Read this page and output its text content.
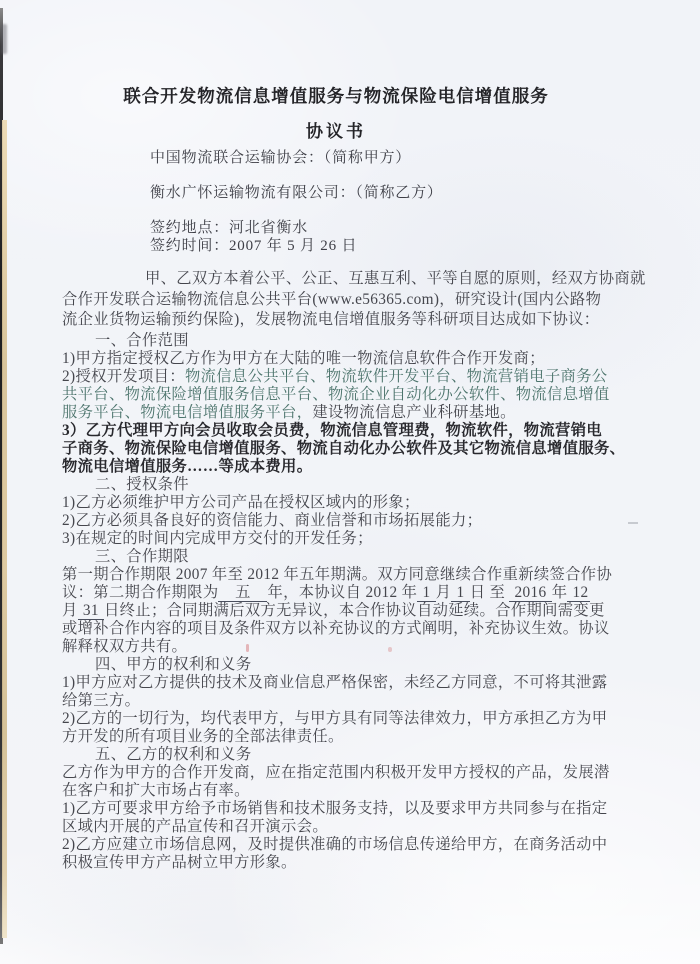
联合开发物流信息增值服务与物流保险电信增值服务
协议书

中国物流联合运输协会：（简称甲方）

衡水广怀运输物流有限公司：（简称乙方）

签约地点：河北省衡水

签约时间：2007 年 5 月 26 日

甲、乙双方本着公平、公正、互惠互利、平等自愿的原则，经双方协商就
合作开发联合运输物流信息公共平台(www.e56365.com)，研究设计(国内公路物
流企业货物运输预约保险)，发展物流电信增值服务等科研项目达成如下协议：
一、合作范围
1)甲方指定授权乙方作为甲方在大陆的唯一物流信息软件合作开发商；
2)授权开发项目：物流信息公共平台、物流软件开发平台、物流营销电子商务公
共平台、物流保险增值服务信息平台、物流企业自动化办公软件、物流信息增值
服务平台、物流电信增值服务平台，建设物流信息产业科研基地。
3）乙方代理甲方向会员收取会员费，物流信息管理费，物流软件，物流营销电
子商务、物流保险电信增值服务、物流自动化办公软件及其它物流信息增值服务、
物流电信增值服务……等成本费用。
二、授权条件
1)乙方必须维护甲方公司产品在授权区域内的形象；
2)乙方必须具备良好的资信能力、商业信誉和市场拓展能力；
3)在规定的时间内完成甲方交付的开发任务；
三、合作期限
第一期合作期限 2007 年至 2012 年五年期满。双方同意继续合作重新续签合作协
议：第二期合作期限为　五　年，本协议自 2012 年 1 月 1 日 至  2016 年 12
月 31 日终止；合同期满后双方无异议，本合作协议自动延续。合作期间需变更
或增补合作内容的项目及条件双方以补充协议的方式阐明，补充协议生效。协议
解释权双方共有。
四、甲方的权利和义务
1)甲方应对乙方提供的技术及商业信息严格保密，未经乙方同意，不可将其泄露
给第三方。
2)乙方的一切行为，均代表甲方，与甲方具有同等法律效力，甲方承担乙方为甲
方开发的所有项目业务的全部法律责任。
五、乙方的权利和义务
乙方作为甲方的合作开发商，应在指定范围内积极开发甲方授权的产品，发展潜
在客户和扩大市场占有率。
1)乙方可要求甲方给予市场销售和技术服务支持，以及要求甲方共同参与在指定
区域内开展的产品宣传和召开演示会。
2)乙方应建立市场信息网，及时提供准确的市场信息传递给甲方，在商务活动中
积极宣传甲方产品树立甲方形象。
